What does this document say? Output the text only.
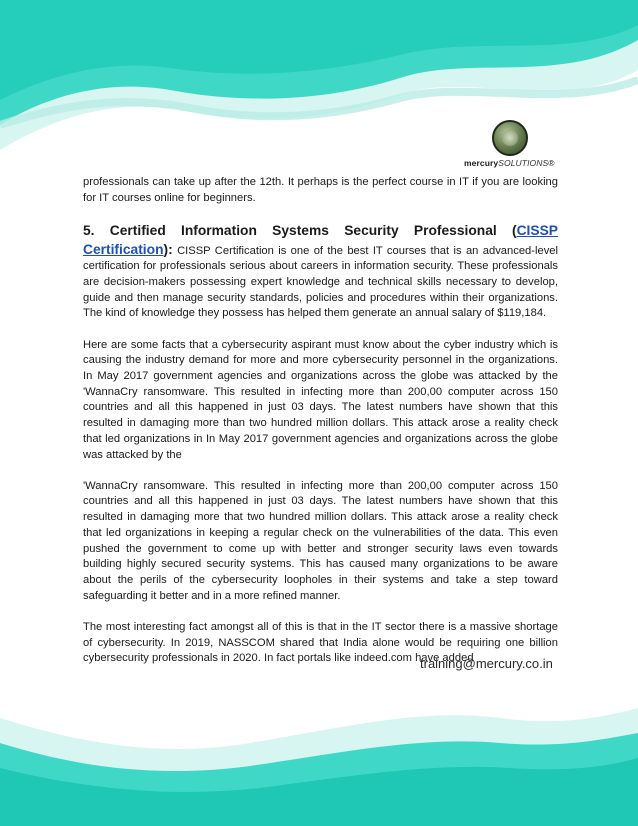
mercurySOLUTIONS®

professionals can take up after the 12th. It perhaps is the perfect course in IT if you are looking for IT courses online for beginners.

5. Certified Information Systems Security Professional (CISSP Certification): CISSP Certification is one of the best IT courses that is an advanced-level certification for professionals serious about careers in information security. These professionals are decision-makers possessing expert knowledge and technical skills necessary to develop, guide and then manage security standards, policies and procedures within their organizations. The kind of knowledge they possess has helped them generate an annual salary of $119,184.

Here are some facts that a cybersecurity aspirant must know about the cyber industry which is causing the industry demand for more and more cybersecurity personnel in the organizations. In May 2017 government agencies and organizations across the globe was attacked by the 'WannaCry ransomware. This resulted in infecting more than 200,00 computer across 150 countries and all this happened in just 03 days. The latest numbers have shown that this resulted in damaging more than two hundred million dollars. This attack arose a reality check that led organizations in In May 2017 government agencies and organizations across the globe was attacked by the

'WannaCry ransomware. This resulted in infecting more than 200,00 computer across 150 countries and all this happened in just 03 days. The latest numbers have shown that this resulted in damaging more that two hundred million dollars. This attack arose a reality check that led organizations in keeping a regular check on the vulnerabilities of the data. This even pushed the government to come up with better and stronger security laws even towards building highly secured security systems. This has caused many organizations to be aware about the perils of the cybersecurity loopholes in their systems and take a step toward safeguarding it better and in a more refined manner.

The most interesting fact amongst all of this is that in the IT sector there is a massive shortage of cybersecurity. In 2019, NASSCOM shared that India alone would be requiring one billion cybersecurity professionals in 2020. In fact portals like indeed.com have added

training@mercury.co.in
